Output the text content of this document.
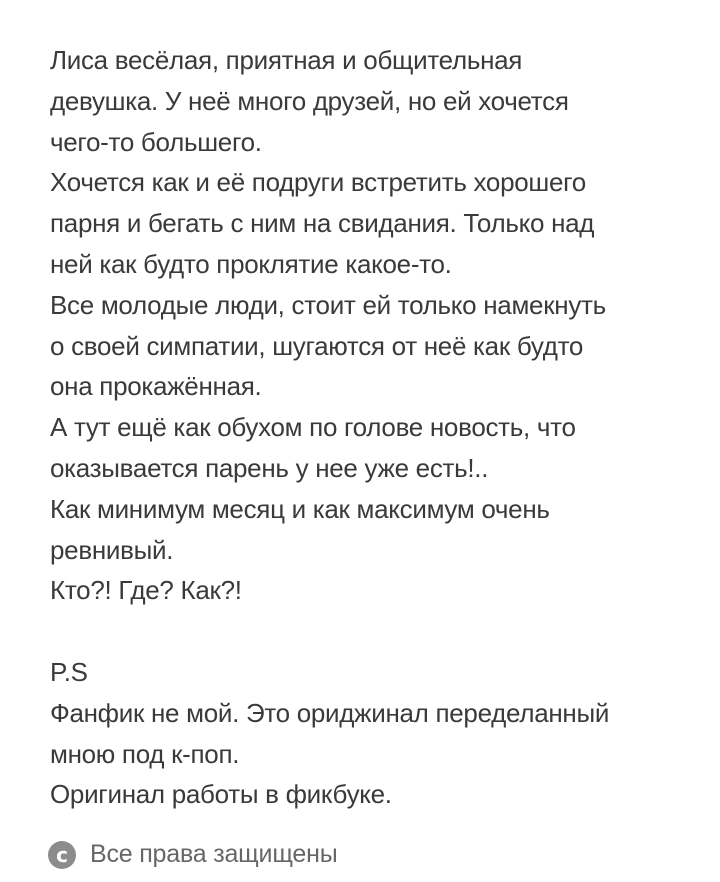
Лиса весёлая, приятная и общительная
девушка. У неё много друзей, но ей хочется
чего-то большего.
Хочется как и её подруги встретить хорошего
парня и бегать с ним на свидания. Только над
ней как будто проклятие какое-то.
Все молодые люди, стоит ей только намекнуть
о своей симпатии, шугаются от неё как будто
она прокажённая.
А тут ещё как обухом по голове новость, что
оказывается парень у нее уже есть!..
Как минимум месяц и как максимум очень
ревнивый.
Кто?! Где? Как?!
P.S
Фанфик не мой. Это ориджинал переделанный
мною под к-поп.
Оригинал работы в фикбуке.
c Все права защищены
